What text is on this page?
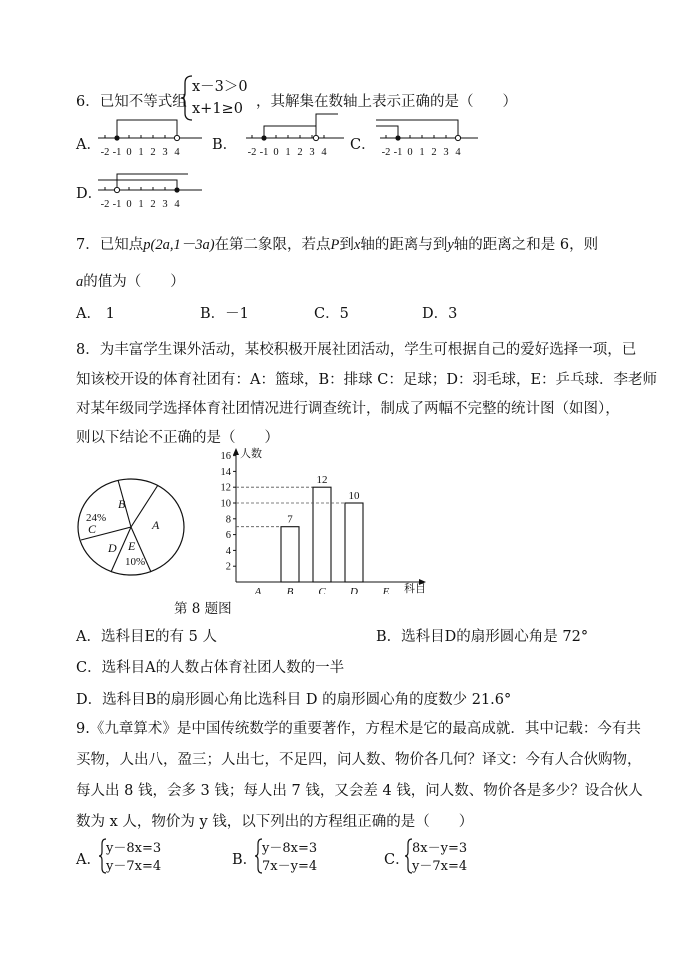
6．已知不等式组
x－3＞0
x+1≥0 ，其解集在数轴上表示正确的是（　　）
A．	B．	C．
D．
-2 -1 0 1 2 3 4	-2 -1 0 1 2 3 4	-2 -1 0 1 2 3 4
-2 -1 0 1 2 3 4
7．已知点p(2a,1－3a)在第二象限，若点P到x轴的距离与到y轴的距离之和是 6，则
a的值为（　　）
A． 1	B．－1	C．5	D．3
8．为丰富学生课外活动，某校积极开展社团活动，学生可根据自己的爱好选择一项，已
知该校开设的体育社团有：A：篮球，B：排球 C：足球；D：羽毛球，E：乒乓球．李老师
对某年级同学选择体育社团情况进行调查统计，制成了两幅不完整的统计图（如图），
则以下结论不正确的是（　　）
B
A
C
D E
24%
10%
人数
科目
2
4
6
8
10
12
14
16
A B
7
C
12
D
10
E
第 8 题图
A．选科目E的有 5 人	B．选科目D的扇形圆心角是 72°
C．选科目A的人数占体育社团人数的一半
D．选科目B的扇形圆心角比选科目 D 的扇形圆心角的度数少 21.6°
9.《九章算术》是中国传统数学的重要著作，方程术是它的最高成就．其中记载：今有共
买物，人出八，盈三；人出七，不足四，问人数、物价各几何？译文：今有人合伙购物，
每人出 8 钱，会多 3 钱；每人出 7 钱，又会差 4 钱，问人数、物价各是多少？设合伙人
数为 x 人，物价为 y 钱，以下列出的方程组正确的是（　　）
A．
y－8x=3
y－7x=4	B．
y－8x=3
7x－y=4	C．
8x－y=3
y－7x=4
